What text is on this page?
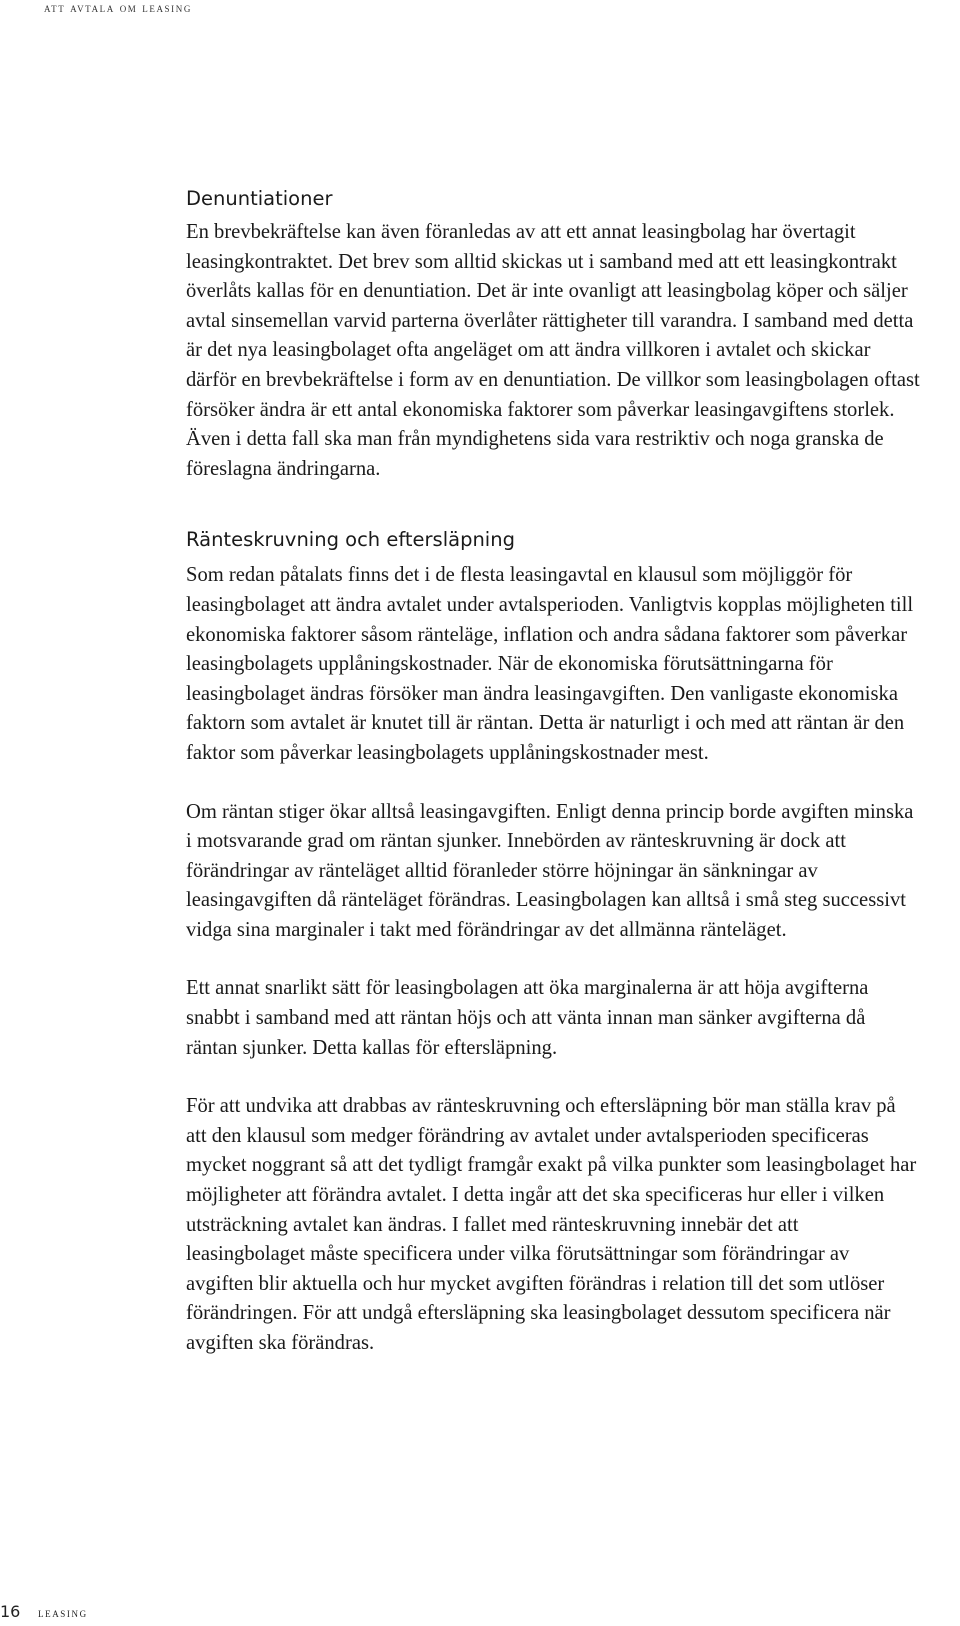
att avtala om leasing
Denuntiationer

En brevbekräftelse kan även föranledas av att ett annat leasingbolag har övertagit leasingkontraktet. Det brev som alltid skickas ut i samband med att ett leasingkontrakt överlåts kallas för en denuntiation. Det är inte ovanligt att leasingbolag köper och säljer avtal sinsemellan varvid parterna överlåter rättigheter till varandra. I samband med detta är det nya leasingbolaget ofta angeläget om att ändra villkoren i avtalet och skickar därför en brevbekräftelse i form av en denuntiation. De villkor som leasingbolagen oftast försöker ändra är ett antal ekonomiska faktorer som påverkar leasingavgiftens storlek. Även i detta fall ska man från myndighetens sida vara restriktiv och noga granska de föreslagna ändringarna.

Ränteskruvning och eftersläpning

Som redan påtalats finns det i de flesta leasingavtal en klausul som möjliggör för leasingbolaget att ändra avtalet under avtalsperioden. Vanligtvis kopplas möjligheten till ekonomiska faktorer såsom ränteläge, inflation och andra sådana faktorer som påverkar leasingbolagets upplåningskostnader. När de ekonomiska förutsättningarna för leasingbolaget ändras försöker man ändra leasingavgiften. Den vanligaste ekonomiska faktorn som avtalet är knutet till är räntan. Detta är naturligt i och med att räntan är den faktor som påverkar leasingbolagets upplåningskostnader mest.

Om räntan stiger ökar alltså leasingavgiften. Enligt denna princip borde avgiften minska i motsvarande grad om räntan sjunker. Innebörden av ränteskruvning är dock att förändringar av ränteläget alltid föranleder större höjningar än sänkningar av leasingavgiften då ränteläget förändras. Leasingbolagen kan alltså i små steg successivt vidga sina marginaler i takt med förändringar av det allmänna ränteläget.

Ett annat snarlikt sätt för leasingbolagen att öka marginalerna är att höja avgifterna snabbt i samband med att räntan höjs och att vänta innan man sänker avgifterna då räntan sjunker. Detta kallas för eftersläpning.

För att undvika att drabbas av ränteskruvning och eftersläpning bör man ställa krav på att den klausul som medger förändring av avtalet under avtalsperioden specificeras mycket noggrant så att det tydligt framgår exakt på vilka punkter som leasingbolaget har möjligheter att förändra avtalet. I detta ingår att det ska specificeras hur eller i vilken utsträckning avtalet kan ändras. I fallet med ränteskruvning innebär det att leasingbolaget måste specificera under vilka förutsättningar som förändringar av avgiften blir aktuella och hur mycket avgiften förändras i relation till det som utlöser förändringen. För att undgå eftersläpning ska leasingbolaget dessutom specificera när avgiften ska förändras.

16 leasing
